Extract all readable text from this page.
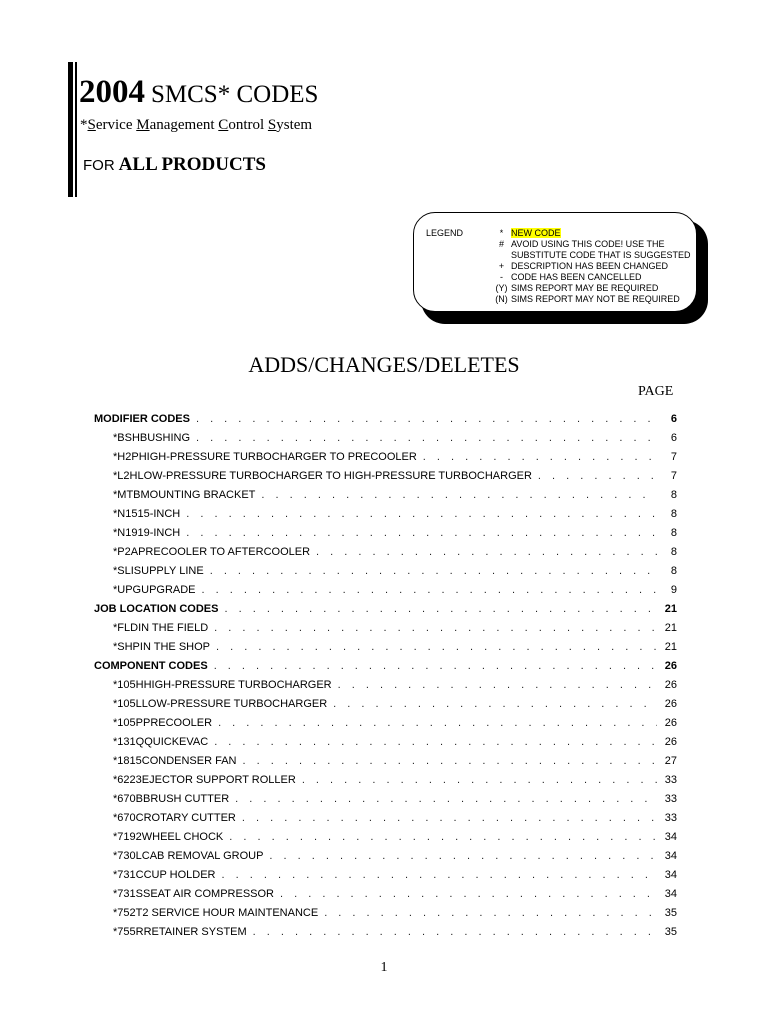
2004 SMCS* CODES
*Service Management Control System
FOR ALL PRODUCTS
LEGEND	* NEW CODE
# AVOID USING THIS CODE! USE THE
SUBSTITUTE CODE THAT IS SUGGESTED
+ DESCRIPTION HAS BEEN CHANGED
- CODE HAS BEEN CANCELLED
(Y) SIMS REPORT MAY BE REQUIRED
(N) SIMS REPORT MAY NOT BE REQUIRED
ADDS/CHANGES/DELETES
PAGE
MODIFIER CODES . . .	6
*BSH BUSHING . . .	6
*H2P HIGH-PRESSURE TURBOCHARGER TO PRECOOLER . . .	7
*L2H LOW-PRESSURE TURBOCHARGER TO HIGH-PRESSURE TURBOCHARGER . . .	7
*MTB MOUNTING BRACKET . . .	8
*N15 15-INCH . . .	8
*N19 19-INCH . . .	8
*P2A PRECOOLER TO AFTERCOOLER . . .	8
*SLI SUPPLY LINE . . .	8
*UPG UPGRADE . . .	9
JOB LOCATION CODES . . .	21
*FLD IN THE FIELD . . .	21
*SHP IN THE SHOP . . .	21
COMPONENT CODES . . .	26
*105H HIGH-PRESSURE TURBOCHARGER . . .	26
*105L LOW-PRESSURE TURBOCHARGER . . .	26
*105P PRECOOLER . . .	26
*131Q QUICKEVAC . . .	26
*1815 CONDENSER FAN . . .	27
*6223 EJECTOR SUPPORT ROLLER . . .	33
*670B BRUSH CUTTER . . .	33
*670C ROTARY CUTTER . . .	33
*7192 WHEEL CHOCK . . .	34
*730L CAB REMOVAL GROUP . . .	34
*731C CUP HOLDER . . .	34
*731S SEAT AIR COMPRESSOR . . .	34
*752T 2 SERVICE HOUR MAINTENANCE . . .	35
*755R RETAINER SYSTEM . . .	35
1
